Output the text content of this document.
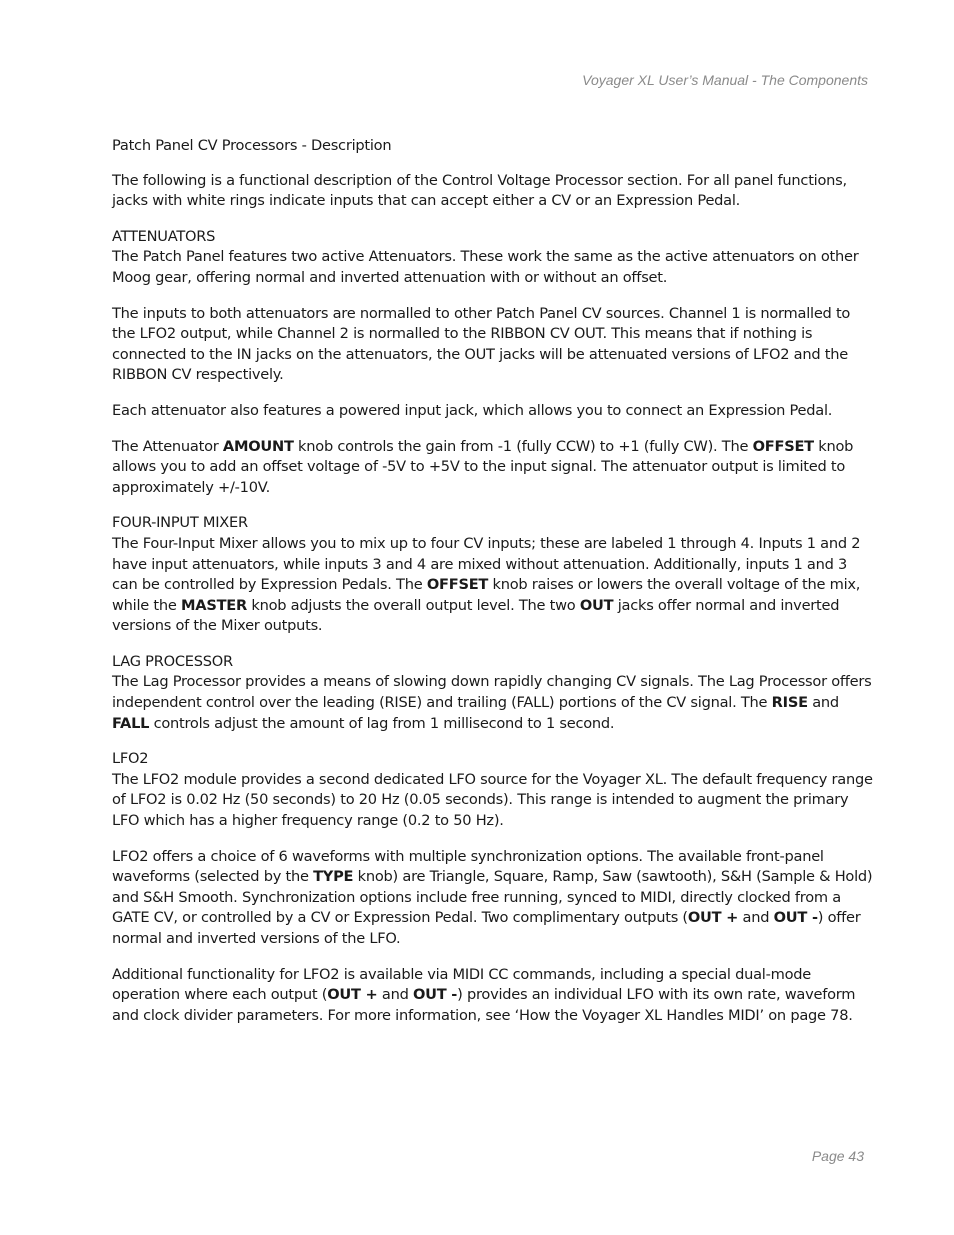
Voyager XL User’s Manual - The Components
Patch Panel CV Processors - Description

The following is a functional description of the Control Voltage Processor section. For all panel functions, jacks with white rings indicate inputs that can accept either a CV or an Expression Pedal.

ATTENUATORS
The Patch Panel features two active Attenuators. These work the same as the active attenuators on other Moog gear, offering normal and inverted attenuation with or without an offset.

The inputs to both attenuators are normalled to other Patch Panel CV sources. Channel 1 is normalled to the LFO2 output, while Channel 2 is normalled to the RIBBON CV OUT. This means that if nothing is connected to the IN jacks on the attenuators, the OUT jacks will be attenuated versions of LFO2 and the RIBBON CV respectively.

Each attenuator also features a powered input jack, which allows you to connect an Expression Pedal.

The Attenuator AMOUNT knob controls the gain from -1 (fully CCW) to +1 (fully CW). The OFFSET knob allows you to add an offset voltage of -5V to +5V to the input signal. The attenuator output is limited to approximately +/-10V.

FOUR-INPUT MIXER
The Four-Input Mixer allows you to mix up to four CV inputs; these are labeled 1 through 4. Inputs 1 and 2 have input attenuators, while inputs 3 and 4 are mixed without attenuation. Additionally, inputs 1 and 3 can be controlled by Expression Pedals. The OFFSET knob raises or lowers the overall voltage of the mix, while the MASTER knob adjusts the overall output level. The two OUT jacks offer normal and inverted versions of the Mixer outputs.

LAG PROCESSOR
The Lag Processor provides a means of slowing down rapidly changing CV signals. The Lag Processor offers independent control over the leading (RISE) and trailing (FALL) portions of the CV signal. The RISE and FALL controls adjust the amount of lag from 1 millisecond to 1 second.

LFO2
The LFO2 module provides a second dedicated LFO source for the Voyager XL. The default frequency range of LFO2 is 0.02 Hz (50 seconds) to 20 Hz (0.05 seconds). This range is intended to augment the primary LFO which has a higher frequency range (0.2 to 50 Hz).

LFO2 offers a choice of 6 waveforms with multiple synchronization options. The available front-panel waveforms (selected by the TYPE knob) are Triangle, Square, Ramp, Saw (sawtooth), S&H (Sample & Hold) and S&H Smooth. Synchronization options include free running, synced to MIDI, directly clocked from a GATE CV, or controlled by a CV or Expression Pedal. Two complimentary outputs (OUT + and OUT -) offer normal and inverted versions of the LFO.

Additional functionality for LFO2 is available via MIDI CC commands, including a special dual-mode operation where each output (OUT + and OUT -) provides an individual LFO with its own rate, waveform and clock divider parameters. For more information, see ‘How the Voyager XL Handles MIDI’ on page 78.

Page 43
